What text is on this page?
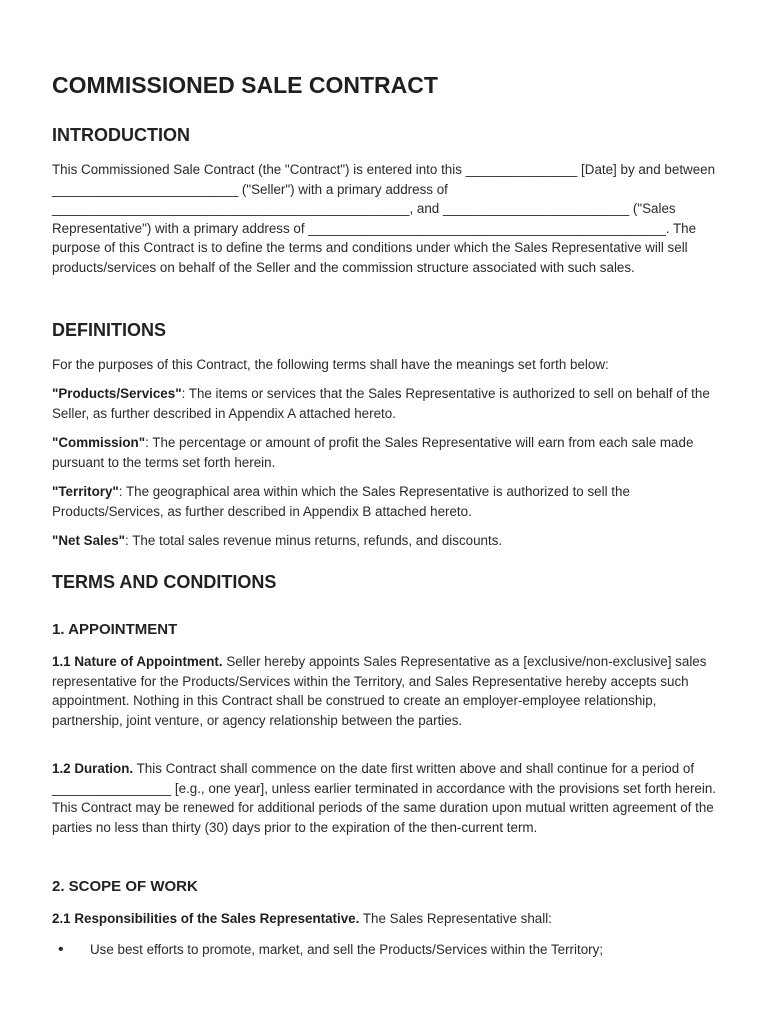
COMMISSIONED SALE CONTRACT
INTRODUCTION

This Commissioned Sale Contract (the "Contract") is entered into this _______________ [Date] by and between _________________________ ("Seller") with a primary address of ________________________________________________, and _________________________ ("Sales Representative") with a primary address of ________________________________________________. The purpose of this Contract is to define the terms and conditions under which the Sales Representative will sell products/services on behalf of the Seller and the commission structure associated with such sales.

DEFINITIONS

For the purposes of this Contract, the following terms shall have the meanings set forth below:

"Products/Services": The items or services that the Sales Representative is authorized to sell on behalf of the Seller, as further described in Appendix A attached hereto.

"Commission": The percentage or amount of profit the Sales Representative will earn from each sale made pursuant to the terms set forth herein.

"Territory": The geographical area within which the Sales Representative is authorized to sell the Products/Services, as further described in Appendix B attached hereto.

"Net Sales": The total sales revenue minus returns, refunds, and discounts.

TERMS AND CONDITIONS
1. APPOINTMENT

1.1 Nature of Appointment. Seller hereby appoints Sales Representative as a [exclusive/non-exclusive] sales representative for the Products/Services within the Territory, and Sales Representative hereby accepts such appointment. Nothing in this Contract shall be construed to create an employer-employee relationship, partnership, joint venture, or agency relationship between the parties.

1.2 Duration. This Contract shall commence on the date first written above and shall continue for a period of ________________ [e.g., one year], unless earlier terminated in accordance with the provisions set forth herein. This Contract may be renewed for additional periods of the same duration upon mutual written agreement of the parties no less than thirty (30) days prior to the expiration of the then-current term.

2. SCOPE OF WORK

2.1 Responsibilities of the Sales Representative. The Sales Representative shall:

• Use best efforts to promote, market, and sell the Products/Services within the Territory;
